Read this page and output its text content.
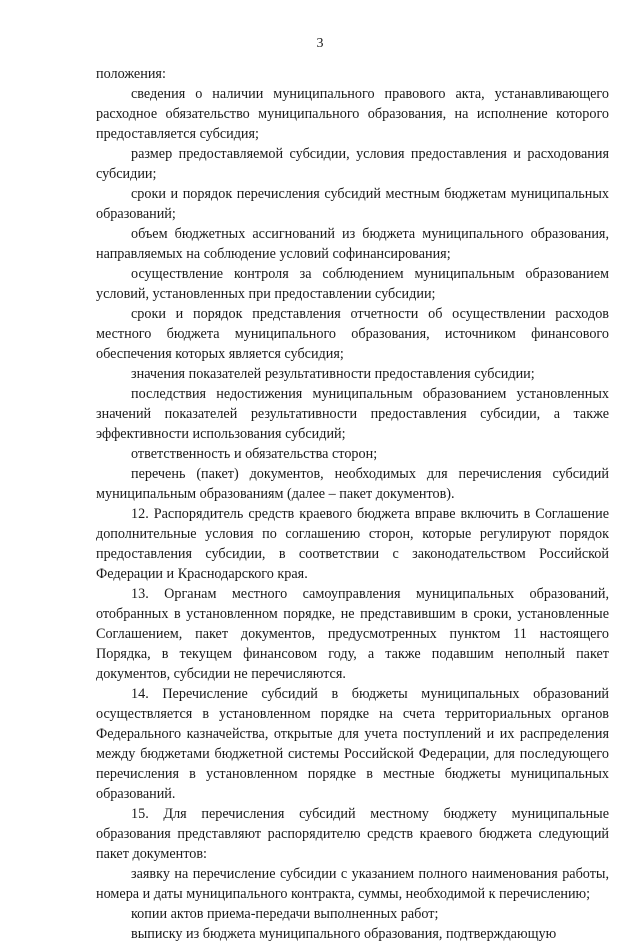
3

положения:

сведения о наличии муниципального правового акта, устанавливающего расходное обязательство муниципального образования, на исполнение которого предоставляется субсидия;

размер предоставляемой субсидии, условия предоставления и расходования субсидии;

сроки и порядок перечисления субсидий местным бюджетам муниципальных образований;

объем бюджетных ассигнований из бюджета муниципального образования, направляемых на соблюдение условий софинансирования;

осуществление контроля за соблюдением муниципальным образованием условий, установленных при предоставлении субсидии;

сроки и порядок представления отчетности об осуществлении расходов местного бюджета муниципального образования, источником финансового обеспечения которых является субсидия;

значения показателей результативности предоставления субсидии;

последствия недостижения муниципальным образованием установленных значений показателей результативности предоставления субсидии, а также эффективности использования субсидий;

ответственность и обязательства сторон;

перечень (пакет) документов, необходимых для перечисления субсидий муниципальным образованиям (далее – пакет документов).

12. Распорядитель средств краевого бюджета вправе включить в Соглашение дополнительные условия по соглашению сторон, которые регулируют порядок предоставления субсидии, в соответствии с законодательством Российской Федерации и Краснодарского края.

13. Органам местного самоуправления муниципальных образований, отобранных в установленном порядке, не представившим в сроки, установленные Соглашением, пакет документов, предусмотренных пунктом 11 настоящего Порядка, в текущем финансовом году, а также подавшим неполный пакет документов, субсидии не перечисляются.

14. Перечисление субсидий в бюджеты муниципальных образований осуществляется в установленном порядке на счета территориальных органов Федерального казначейства, открытые для учета поступлений и их распределения между бюджетами бюджетной системы Российской Федерации, для последующего перечисления в установленном порядке в местные бюджеты муниципальных образований.

15. Для перечисления субсидий местному бюджету муниципальные образования представляют распорядителю средств краевого бюджета следующий пакет документов:

заявку на перечисление субсидии с указанием полного наименования работы, номера и даты муниципального контракта, суммы, необходимой к перечислению;

копии актов приема-передачи выполненных работ;

выписку из бюджета муниципального образования, подтверждающую
